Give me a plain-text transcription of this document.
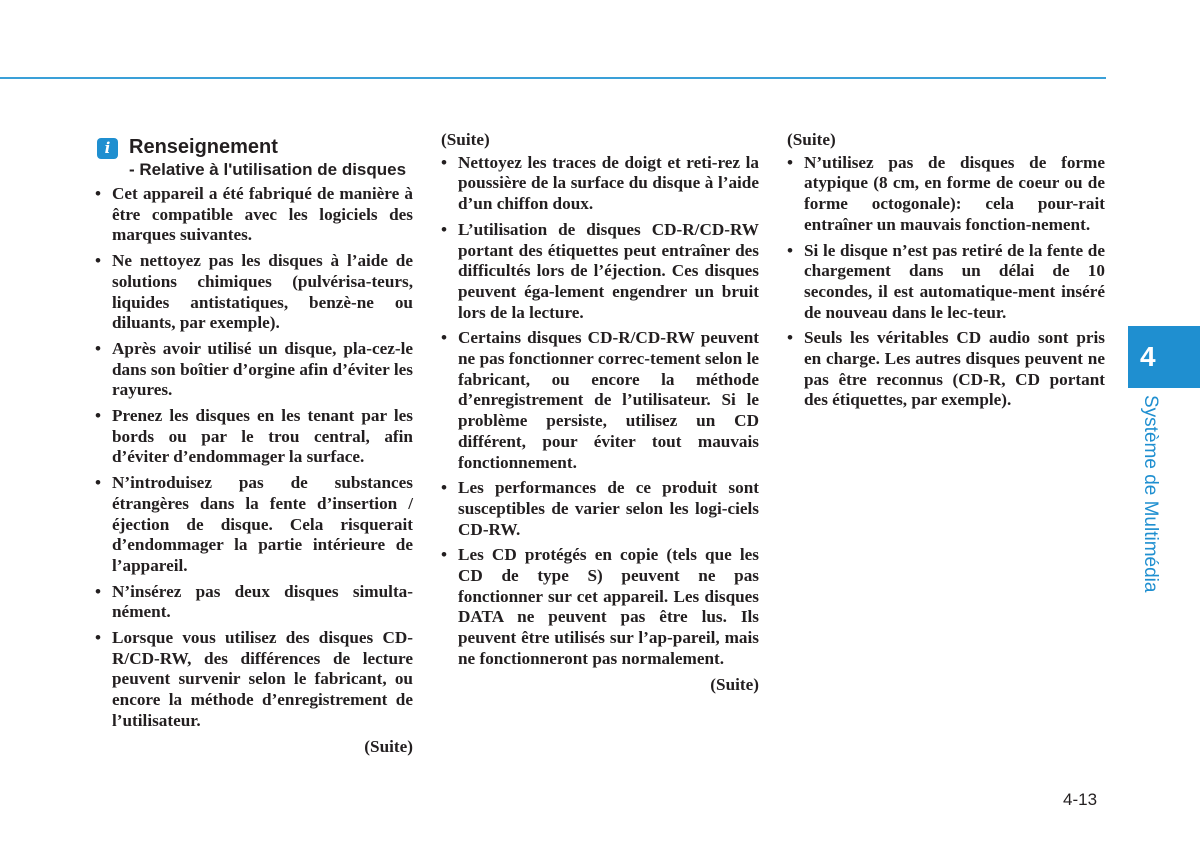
i Renseignement
- Relative à l'utilisation de disques
• Cet appareil a été fabriqué de manière à être compatible avec les logiciels des marques suivantes.
• Ne nettoyez pas les disques à l’aide de solutions chimiques (pulvérisa-teurs, liquides antistatiques, benzè-ne ou diluants, par exemple).
• Après avoir utilisé un disque, pla-cez-le dans son boîtier d’orgine afin d’éviter les rayures.
• Prenez les disques en les tenant par les bords ou par le trou central, afin d’éviter d’endommager la surface.
• N’introduisez pas de substances étrangères dans la fente d’insertion / éjection de disque. Cela risquerait d’endommager la partie intérieure de l’appareil.
• N’insérez pas deux disques simulta-nément.
• Lorsque vous utilisez des disques CD-R/CD-RW, des différences de lecture peuvent survenir selon le fabricant, ou encore la méthode d’enregistrement de l’utilisateur.
(Suite)
(Suite)
• Nettoyez les traces de doigt et reti-rez la poussière de la surface du disque à l’aide d’un chiffon doux.
• L’utilisation de disques CD-R/CD-RW portant des étiquettes peut entraîner des difficultés lors de l’éjection. Ces disques peuvent éga-lement engendrer un bruit lors de la lecture.
• Certains disques CD-R/CD-RW peuvent ne pas fonctionner correc-tement selon le fabricant, ou encore la méthode d’enregistrement de l’utilisateur. Si le problème persiste, utilisez un CD différent, pour éviter tout mauvais fonctionnement.
• Les performances de ce produit sont susceptibles de varier selon les logi-ciels CD-RW.
• Les CD protégés en copie (tels que les CD de type S) peuvent ne pas fonctionner sur cet appareil. Les disques DATA ne peuvent pas être lus. Ils peuvent être utilisés sur l’ap-pareil, mais ne fonctionneront pas normalement.
(Suite)
(Suite)
• N’utilisez pas de disques de forme atypique (8 cm, en forme de coeur ou de forme octogonale): cela pour-rait entraîner un mauvais fonction-nement.
• Si le disque n’est pas retiré de la fente de chargement dans un délai de 10 secondes, il est automatique-ment inséré de nouveau dans le lec-teur.
• Seuls les véritables CD audio sont pris en charge. Les autres disques peuvent ne pas être reconnus (CD-R, CD portant des étiquettes, par exemple).
4
Système de Multimédia
4-13
